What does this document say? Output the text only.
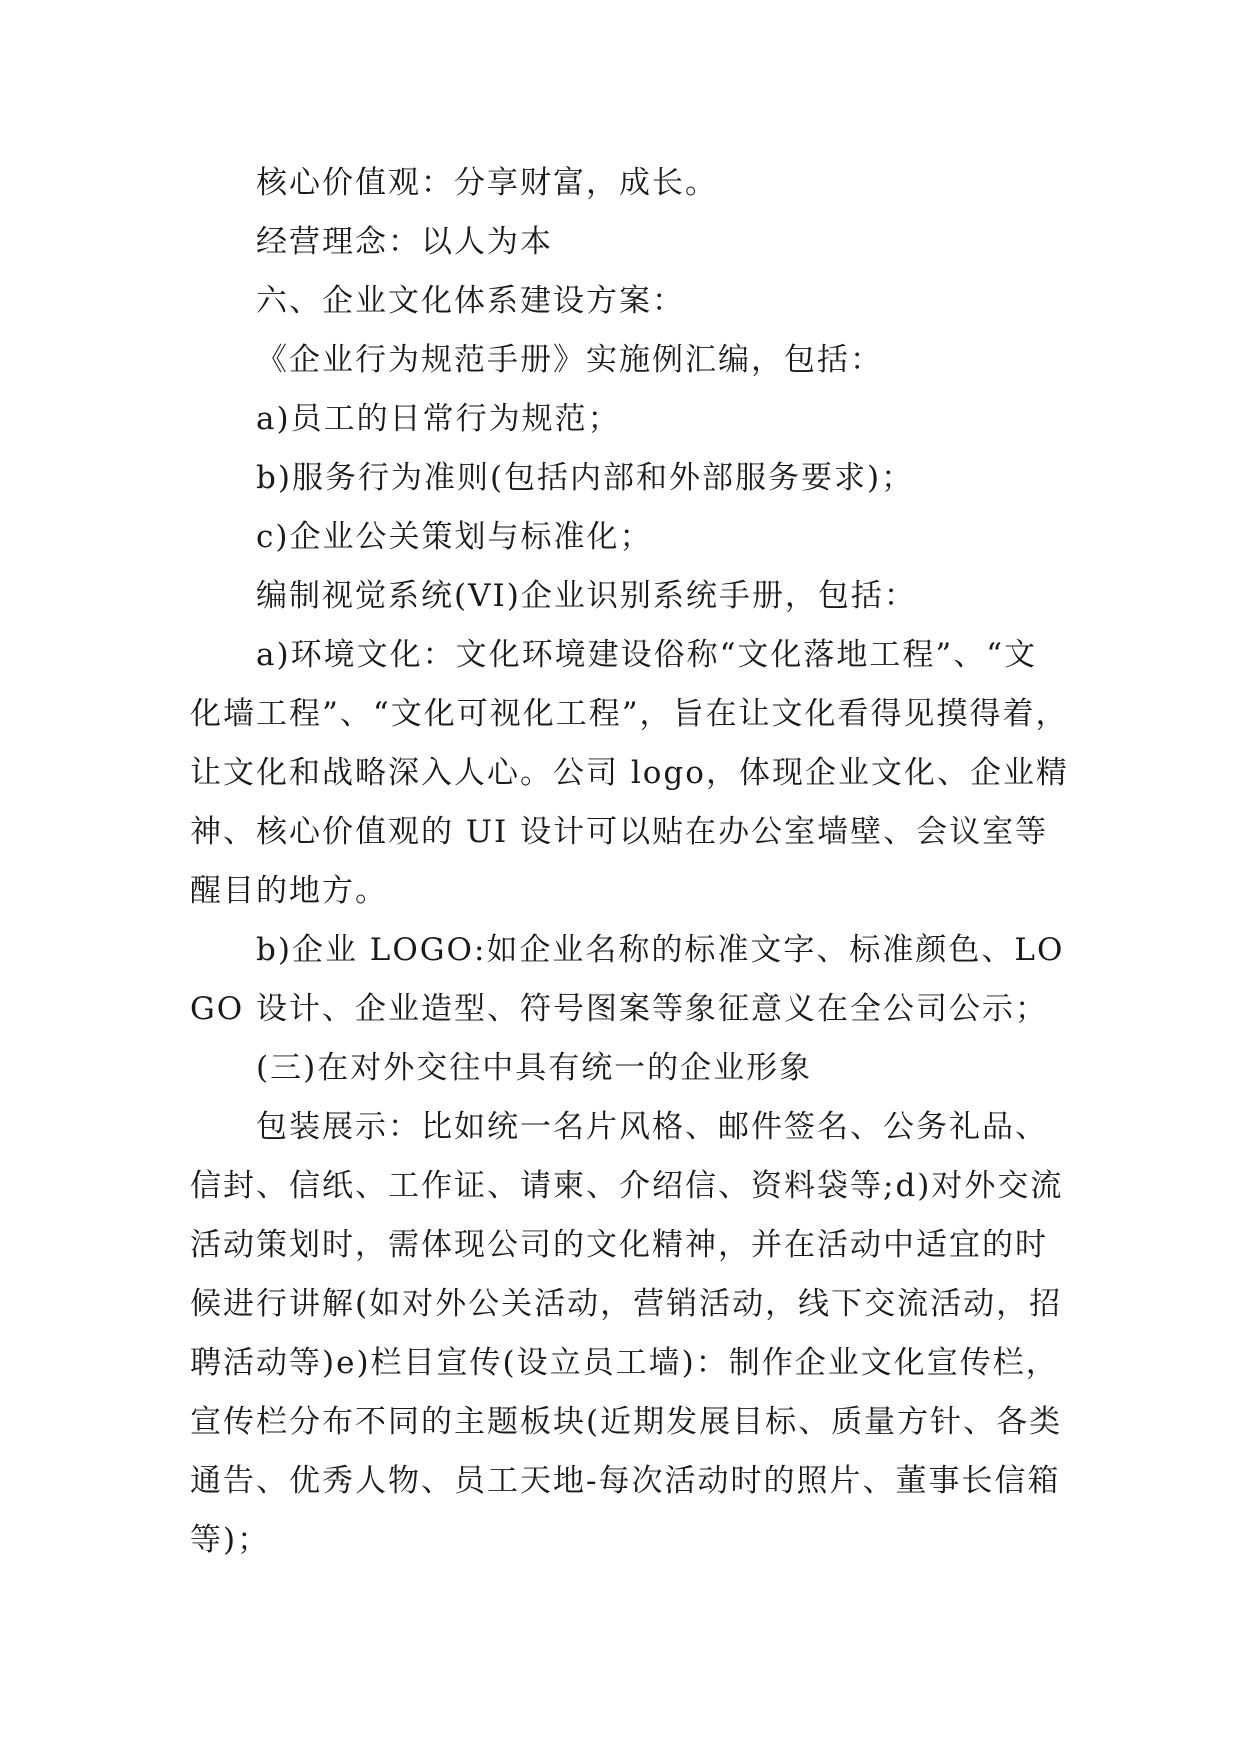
核心价值观：分享财富，成长。

经营理念：以人为本

六、企业文化体系建设方案：

《企业行为规范手册》实施例汇编，包括：

a)员工的日常行为规范；

b)服务行为准则(包括内部和外部服务要求)；

c)企业公关策划与标准化；

编制视觉系统(VI)企业识别系统手册，包括：

a)环境文化：文化环境建设俗称“文化落地工程”、“文化墙工程”、“文化可视化工程”，旨在让文化看得见摸得着，让文化和战略深入人心。公司 logo，体现企业文化、企业精神、核心价值观的 UI 设计可以贴在办公室墙壁、会议室等醒目的地方。

b)企业 LOGO:如企业名称的标准文字、标准颜色、LOGO 设计、企业造型、符号图案等象征意义在全公司公示；

(三)在对外交往中具有统一的企业形象

包装展示：比如统一名片风格、邮件签名、公务礼品、信封、信纸、工作证、请柬、介绍信、资料袋等;d)对外交流活动策划时，需体现公司的文化精神，并在活动中适宜的时候进行讲解(如对外公关活动，营销活动，线下交流活动，招聘活动等)e)栏目宣传(设立员工墙)：制作企业文化宣传栏，宣传栏分布不同的主题板块(近期发展目标、质量方针、各类通告、优秀人物、员工天地-每次活动时的照片、董事长信箱等)；
